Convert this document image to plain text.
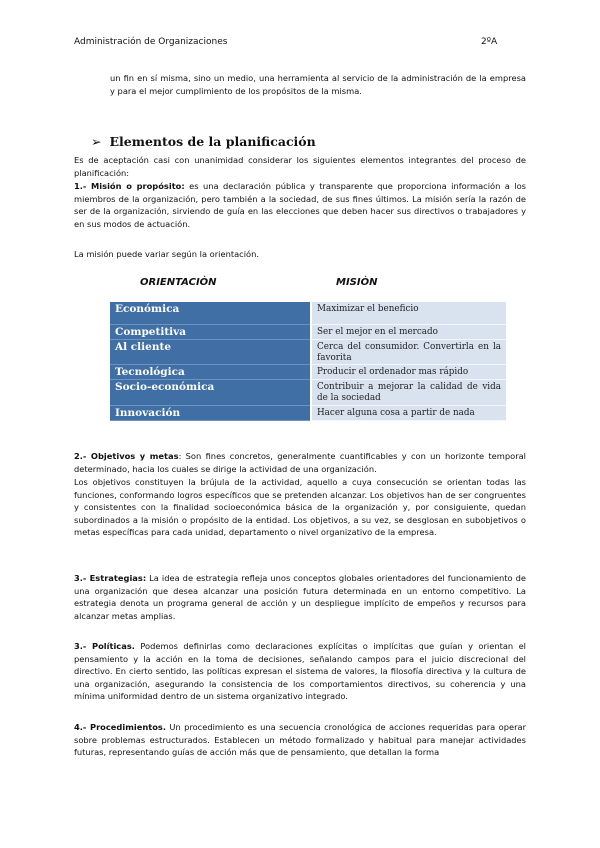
Administración de Organizaciones	2ºA

un fin en sí misma, sino un medio, una herramienta al servicio de la administración de la empresa y para el mejor cumplimiento de los propósitos de la misma.

➢ Elementos de la planificación

Es de aceptación casi con unanimidad considerar los siguientes elementos integrantes del proceso de planificación:

1.- Misión o propósito: es una declaración pública y transparente que proporciona información a los miembros de la organización, pero también a la sociedad, de sus fines últimos. La misión sería la razón de ser de la organización, sirviendo de guía en las elecciones que deben hacer sus directivos o trabajadores y en sus modos de actuación.

La misión puede variar según la orientación.

ORIENTACIÒN	MISIÒN
Económica	Maximizar el beneficio
Competitiva	Ser el mejor en el mercado
Al cliente	Cerca del consumidor. Convertirla en la favorita
Tecnológica	Producir el ordenador mas rápido
Socio-económica	Contribuir a mejorar la calidad de vida de la sociedad
Innovación	Hacer alguna cosa a partir de nada

2.- Objetivos y metas: Son fines concretos, generalmente cuantificables y con un horizonte temporal determinado, hacia los cuales se dirige la actividad de una organización.

Los objetivos constituyen la brújula de la actividad, aquello a cuya consecución se orientan todas las funciones, conformando logros específicos que se pretenden alcanzar. Los objetivos han de ser congruentes y consistentes con la finalidad socioeconómica básica de la organización y, por consiguiente, quedan subordinados a la misión o propósito de la entidad. Los objetivos, a su vez, se desglosan en subobjetivos o metas específicas para cada unidad, departamento o nivel organizativo de la empresa.

3.- Estrategias: La idea de estrategia refleja unos conceptos globales orientadores del funcionamiento de una organización que desea alcanzar una posición futura determinada en un entorno competitivo. La estrategia denota un programa general de acción y un despliegue implícito de empeños y recursos para alcanzar metas amplias.

3.- Políticas. Podemos definirlas como declaraciones explícitas o implícitas que guían y orientan el pensamiento y la acción en la toma de decisiones, señalando campos para el juicio discrecional del directivo. En cierto sentido, las políticas expresan el sistema de valores, la filosofía directiva y la cultura de una organización, asegurando la consistencia de los comportamientos directivos, su coherencia y una mínima uniformidad dentro de un sistema organizativo integrado.

4.- Procedimientos. Un procedimiento es una secuencia cronológica de acciones requeridas para operar sobre problemas estructurados. Establecen un método formalizado y habitual para manejar actividades futuras, representando guías de acción más que de pensamiento, que detallan la forma
